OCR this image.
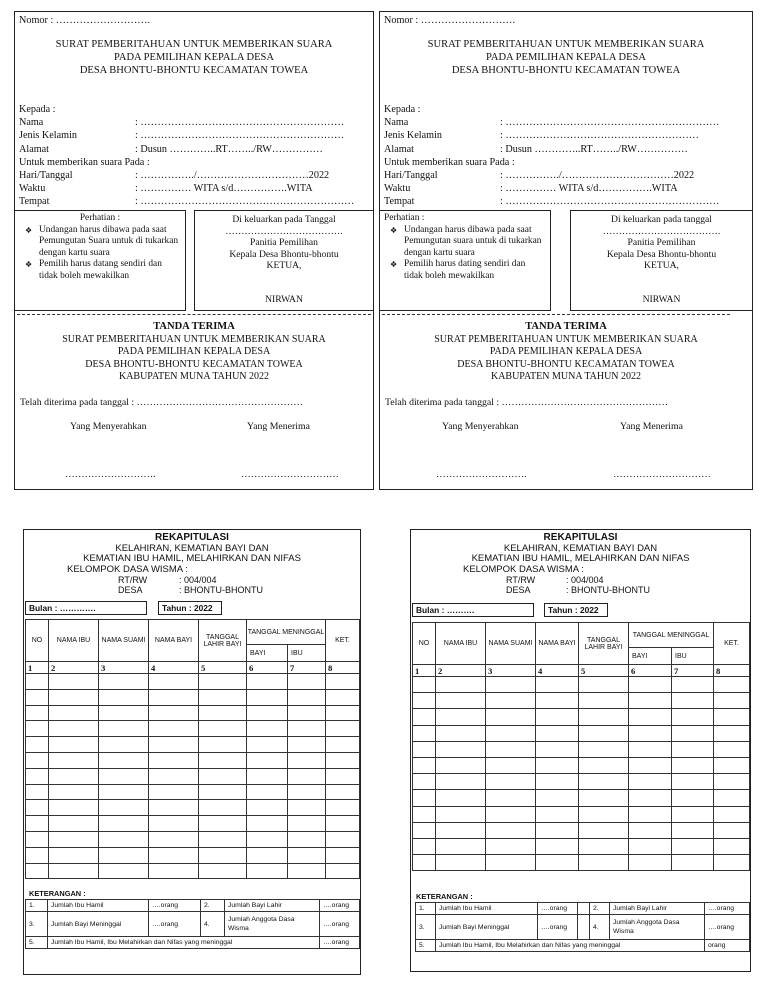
Nomor : ……………………….
SURAT PEMBERITAHUAN UNTUK MEMBERIKAN SUARA
PADA PEMILIHAN KEPALA DESA
DESA BHONTU-BHONTU KECAMATAN TOWEA
Kepada :
Nama	: ……………………………………………………
Jenis Kelamin	: ……………………………………………………
Alamat	: Dusun …………..RT……../RW……………
Untuk memberikan suara Pada :
Hari/Tanggal	: ……………./……………………………2022
Waktu	: …………… WITA s/d…………….WITA
Tempat	: ………………………………………………………
Perhatian :
❖ Undangan harus dibawa pada saat Pemungutan Suara untuk di tukarkan dengan kartu suara
❖ Pemilih harus datang sendiri dan tidak boleh mewakilkan
Di keluarkan pada Tanggal
……………………………….
Panitia Pemilihan
Kepala Desa Bhontu-bhontu
KETUA,
NIRWAN
TANDA TERIMA
SURAT PEMBERITAHUAN UNTUK MEMBERIKAN SUARA
PADA PEMILIHAN KEPALA DESA
DESA BHONTU-BHONTU KECAMATAN TOWEA
KABUPATEN MUNA TAHUN 2022
Telah diterima pada tanggal : ……………………………………………
Yang Menyerahkan	Yang Menerima
……………………….	…………………………
Nomor : ……………………….
SURAT PEMBERITAHUAN UNTUK MEMBERIKAN SUARA
PADA PEMILIHAN KEPALA DESA
DESA BHONTU-BHONTU KECAMATAN TOWEA
Kepada :
Nama	: ………………………………………………………
Jenis Kelamin	: …………………………………………………
Alamat	: Dusun …………..RT……../RW……………
Untuk memberikan suara Pada :
Hari/Tanggal	: ……………./……………………………2022
Waktu	: …………… WITA s/d…………….WITA
Tempat	: ………………………………………………………
Perhatian :
❖ Undangan harus dibawa pada saat Pemungutan suara untuk di tukarkan dengan kartu suara
❖ Pemilih harus dating sendiri dan tidak boleh mewakilkan
Di keluarkan pada tanggal
……………………………….
Panitia Pemilihan
Kepala Desa Bhontu-bhontu
KETUA,
NIRWAN
TANDA TERIMA
SURAT PEMBERITAHUAN UNTUK MEMBERIKAN SUARA
PADA PEMILIHAN KEPALA DESA
DESA BHONTU-BHONTU KECAMATAN TOWEA
KABUPATEN MUNA TAHUN 2022
Telah diterima pada tanggal : ……………………………………………
Yang Menyerahkan	Yang Menerima
……………………….	…………………………
REKAPITULASI
KELAHIRAN, KEMATIAN BAYI DAN
KEMATIAN IBU HAMIL, MELAHIRKAN DAN NIFAS
KELOMPOK DASA WISMA :
RT/RW	: 004/004
DESA	: BHONTU-BHONTU
Bulan : ………….	Tahun : 2022
NO	NAMA IBU	NAMA SUAMI	NAMA BAYI	TANGGAL LAHIR BAYI	TANGGAL MENINGGAL		KET.
					BAYI	IBU	
1	2	3	4	5	6	7	8

KETERANGAN :
1.	Jumlah Ibu Hamil	….orang	2.	Jumlah Bayi Lahir	….orang
3.	Jumlah Bayi Meninggal	….orang	4.	Jumlah Anggota Dasa Wisma	….orang
5.	Jumlah Ibu Hamil, Ibu Melahirkan dan Nifas yang meninggal				….orang
REKAPITULASI
KELAHIRAN, KEMATIAN BAYI DAN
KEMATIAN IBU HAMIL, MELAHIRKAN DAN NIFAS
KELOMPOK DASA WISMA :
RT/RW	: 004/004
DESA	: BHONTU-BHONTU
Bulan : ……….	Tahun : 2022
NO	NAMA IBU	NAMA SUAMI	NAMA BAYI	TANGGAL LAHIR BAYI	TANGGAL MENINGGAL		KET.
					BAYI	IBU	
1	2	3	4	5	6	7	8

KETERANGAN :
1.	Jumlah Ibu Hamil	….orang		2.	Jumlah Bayi Lahir	….orang
3.	Jumlah Bayi Meninggal	….orang		4.	Jumlah Anggota Dasa Wisma	….orang
5.	Jumlah Ibu Hamil, Ibu Melahirkan dan Nifas yang meninggal					orang
